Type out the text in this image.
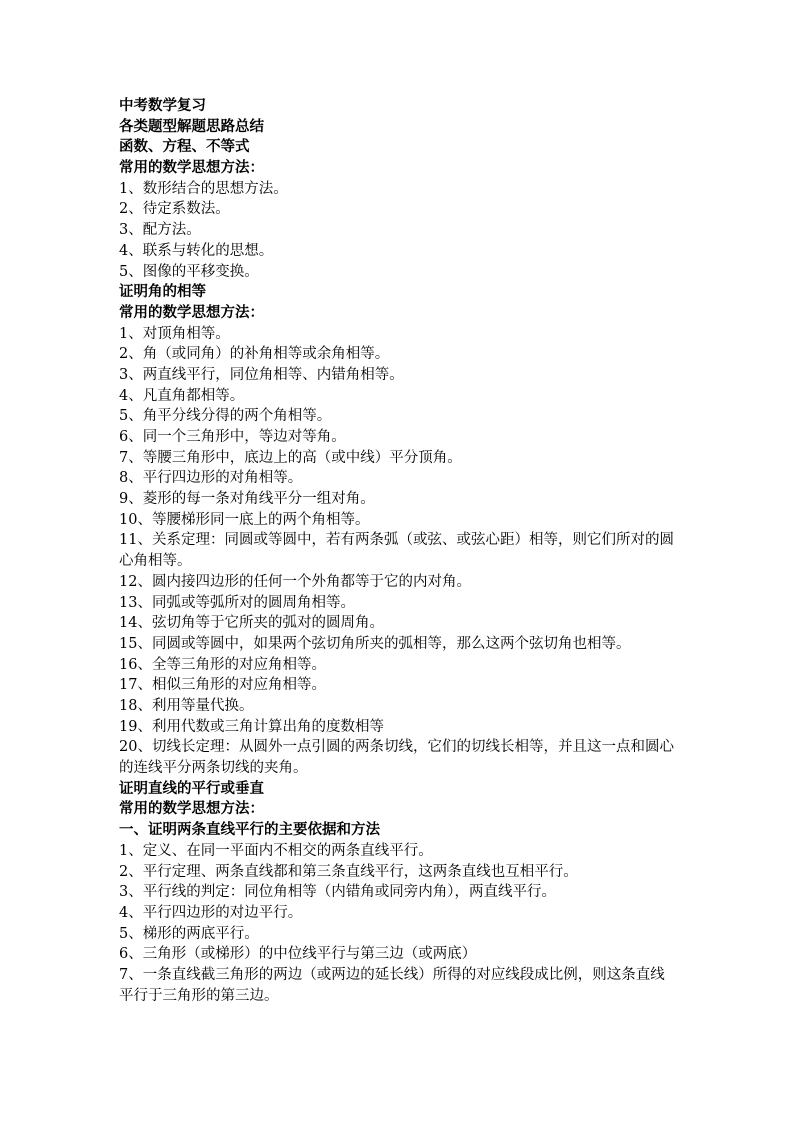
中考数学复习
各类题型解题思路总结
函数、方程、不等式
常用的数学思想方法：
1、数形结合的思想方法。
2、待定系数法。
3、配方法。
4、联系与转化的思想。
5、图像的平移变换。
证明角的相等
常用的数学思想方法：
1、对顶角相等。
2、角（或同角）的补角相等或余角相等。
3、两直线平行，同位角相等、内错角相等。
4、凡直角都相等。
5、角平分线分得的两个角相等。
6、同一个三角形中，等边对等角。
7、等腰三角形中，底边上的高（或中线）平分顶角。
8、平行四边形的对角相等。
9、菱形的每一条对角线平分一组对角。
10、等腰梯形同一底上的两个角相等。
11、关系定理：同圆或等圆中，若有两条弧（或弦、或弦心距）相等，则它们所对的圆心角相等。
12、圆内接四边形的任何一个外角都等于它的内对角。
13、同弧或等弧所对的圆周角相等。
14、弦切角等于它所夹的弧对的圆周角。
15、同圆或等圆中，如果两个弦切角所夹的弧相等，那么这两个弦切角也相等。
16、全等三角形的对应角相等。
17、相似三角形的对应角相等。
18、利用等量代换。
19、利用代数或三角计算出角的度数相等
20、切线长定理：从圆外一点引圆的两条切线，它们的切线长相等，并且这一点和圆心的连线平分两条切线的夹角。
证明直线的平行或垂直
常用的数学思想方法：
一、证明两条直线平行的主要依据和方法
1、定义、在同一平面内不相交的两条直线平行。
2、平行定理、两条直线都和第三条直线平行，这两条直线也互相平行。
3、平行线的判定：同位角相等（内错角或同旁内角），两直线平行。
4、平行四边形的对边平行。
5、梯形的两底平行。
6、三角形（或梯形）的中位线平行与第三边（或两底）
7、一条直线截三角形的两边（或两边的延长线）所得的对应线段成比例，则这条直线平行于三角形的第三边。
